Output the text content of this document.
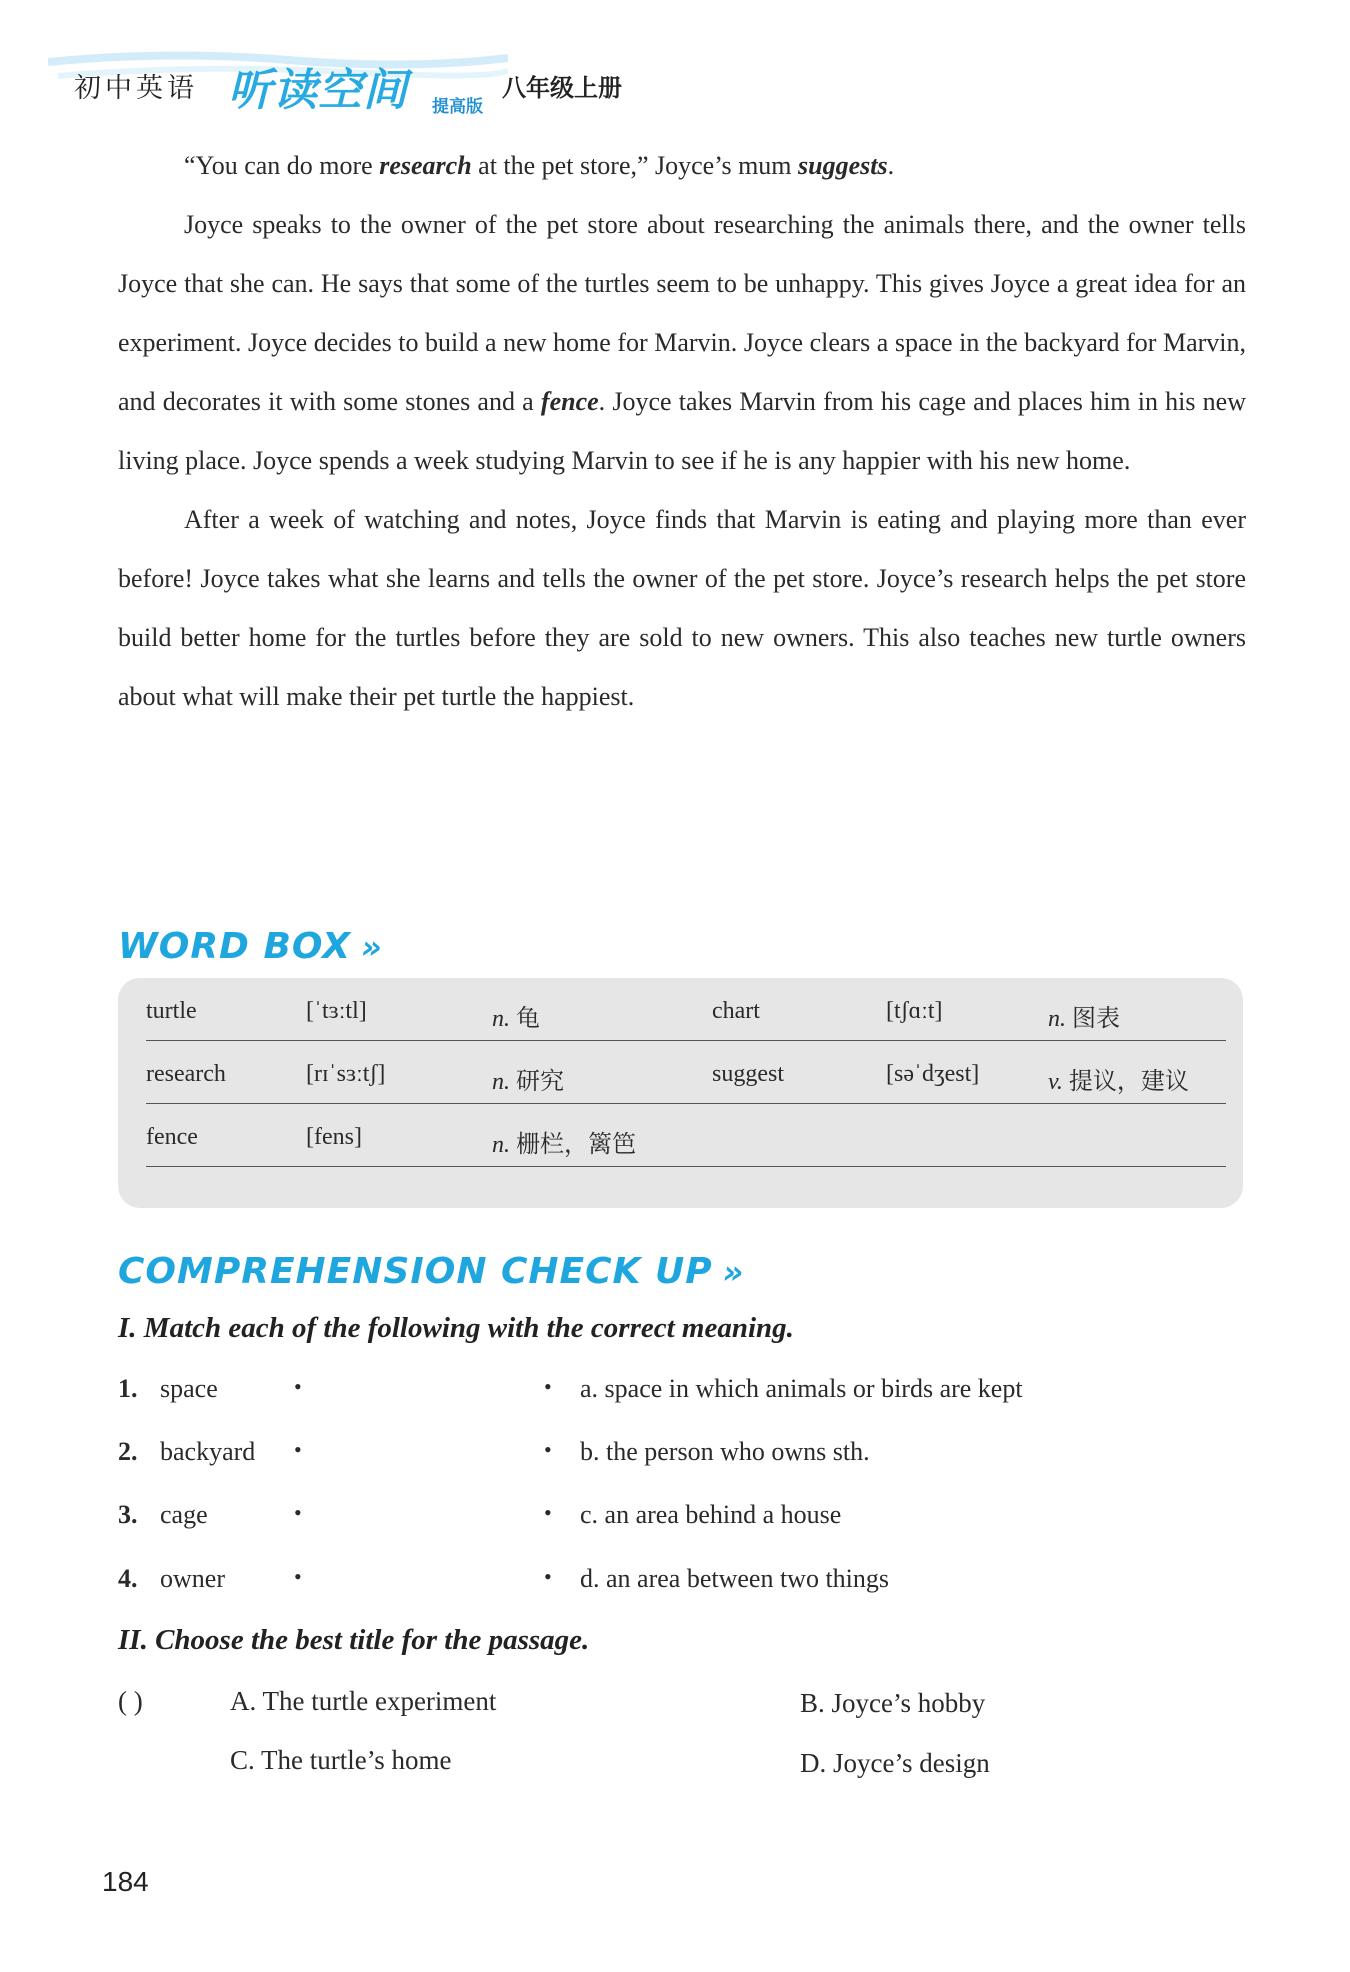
初中英语 听读空间 提高版
八年级上册

“You can do more research at the pet store,” Joyce’s mum suggests.

Joyce speaks to the owner of the pet store about researching the animals there, and the owner tells Joyce that she can. He says that some of the turtles seem to be unhappy. This gives Joyce a great idea for an experiment. Joyce decides to build a new home for Marvin. Joyce clears a space in the backyard for Marvin, and decorates it with some stones and a fence. Joyce takes Marvin from his cage and places him in his new living place. Joyce spends a week studying Marvin to see if he is any happier with his new home.

After a week of watching and notes, Joyce finds that Marvin is eating and playing more than ever before! Joyce takes what she learns and tells the owner of the pet store. Joyce’s research helps the pet store build better home for the turtles before they are sold to new owners. This also teaches new turtle owners about what will make their pet turtle the happiest.

WORD BOX »
turtle	[ˈtɜːtl]	n. 龟	chart	[tʃɑːt]	n. 图表
research	[rɪˈsɜːtʃ]	n. 研究	suggest	[səˈdʒest]	v. 提议，建议
fence	[fens]	n. 栅栏，篱笆
COMPREHENSION CHECK UP »
I. Match each of the following with the correct meaning.
1. space	•	• a. space in which animals or birds are kept
2. backyard •	• b. the person who owns sth.
3. cage	•	• c. an area behind a house
4. owner	•	• d. an area between two things
II. Choose the best title for the passage.
( )	A. The turtle experiment	B. Joyce’s hobby
C. The turtle’s home	D. Joyce’s design
184
